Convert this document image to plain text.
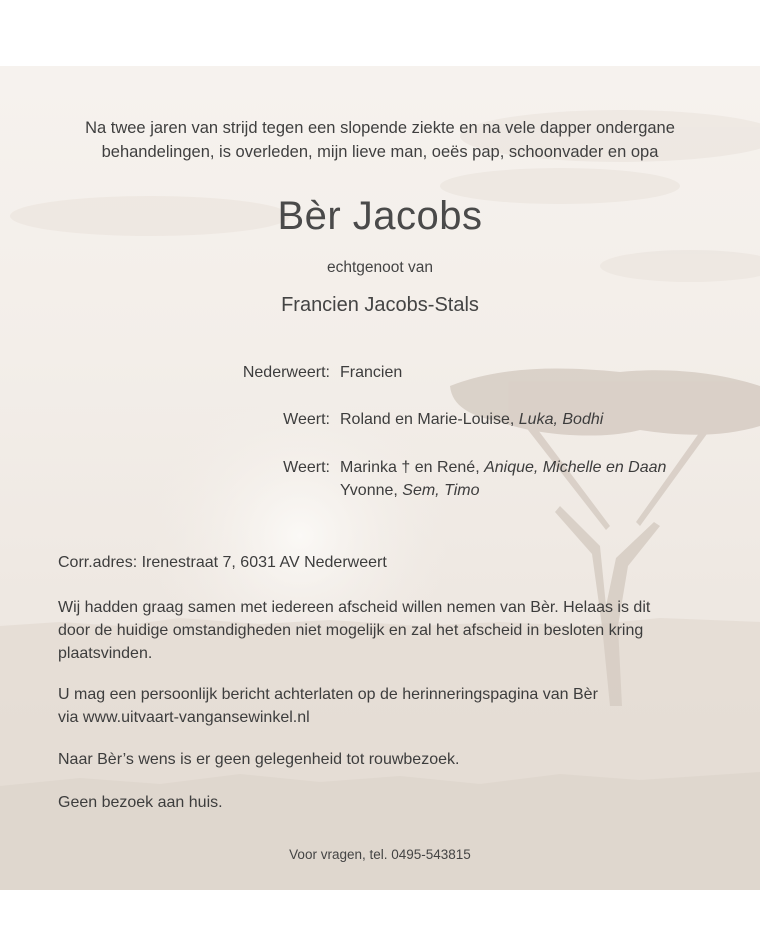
Na twee jaren van strijd tegen een slopende ziekte en na vele dapper ondergane
behandelingen, is overleden, mijn lieve man, oeës pap, schoonvader en opa
Bèr Jacobs
echtgenoot van
Francien Jacobs-Stals
Nederweert: Francien
Weert: Roland en Marie-Louise, Luka, Bodhi
Weert: Marinka † en René, Anique, Michelle en Daan
Yvonne, Sem, Timo
Corr.adres: Irenestraat 7, 6031 AV Nederweert
Wij hadden graag samen met iedereen afscheid willen nemen van Bèr. Helaas is dit
door de huidige omstandigheden niet mogelijk en zal het afscheid in besloten kring
plaatsvinden.
U mag een persoonlijk bericht achterlaten op de herinneringspagina van Bèr
via www.uitvaart-vangansewinkel.nl
Naar Bèr’s wens is er geen gelegenheid tot rouwbezoek.
Geen bezoek aan huis.
Voor vragen, tel. 0495-543815
